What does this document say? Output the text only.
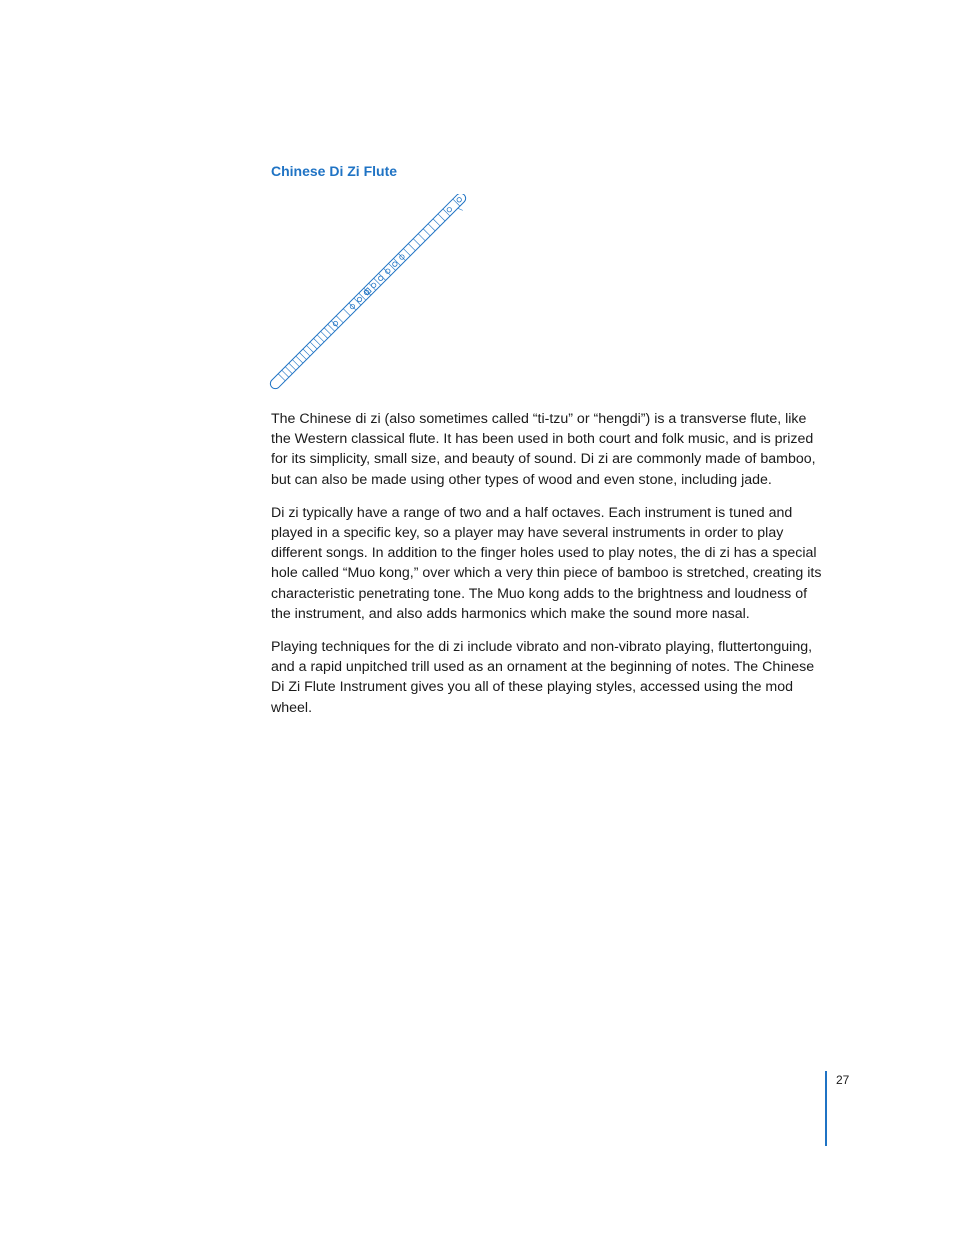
Chinese Di Zi Flute

The Chinese di zi (also sometimes called “ti-tzu” or “hengdi”) is a transverse flute, like the Western classical flute. It has been used in both court and folk music, and is prized for its simplicity, small size, and beauty of sound. Di zi are commonly made of bamboo, but can also be made using other types of wood and even stone, including jade.

Di zi typically have a range of two and a half octaves. Each instrument is tuned and played in a specific key, so a player may have several instruments in order to play different songs. In addition to the finger holes used to play notes, the di zi has a special hole called “Muo kong,” over which a very thin piece of bamboo is stretched, creating its characteristic penetrating tone. The Muo kong adds to the brightness and loudness of the instrument, and also adds harmonics which make the sound more nasal.

Playing techniques for the di zi include vibrato and non-vibrato playing, fluttertonguing, and a rapid unpitched trill used as an ornament at the beginning of notes. The Chinese Di Zi Flute Instrument gives you all of these playing styles, accessed using the mod wheel.

27
